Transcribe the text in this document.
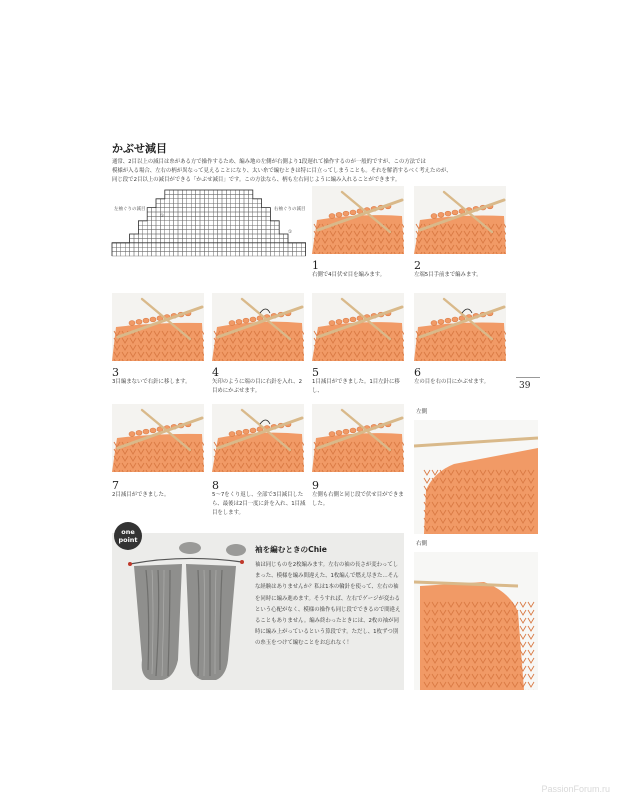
かぶせ減目

通常、2目以上の減目は糸がある方で操作するため、編み地の左側が右側より1段遅れて操作するのが一般的ですが、この方法では

模様が入る場合、左右の柄が異なって見えることになり、太い糸で編むときは特に目立ってしまうことも。それを解消するべく考えたのが、

同じ段で2目以上の減目ができる「かぶせ減目」です。この方法なら、柄も左右同じように編み入れることができます。

左袖ぐりの減目	右袖ぐりの減目
①
①
1
右側で4目伏せ目を編みます。
2
左端5目手前まで編みます。
3
3目編まないで右針に移します。
4
矢印のように端の目に右針を入れ、2目めにかぶせます。
5
1目減目ができました。1目左針に移し、
6
左の目を右の目にかぶせます。
7
2目減目ができました。
8
5～7をくり返し、全部で3目減目したら、最後は2目一度に針を入れ、1目減目をします。
9
左側も右側と同じ段で伏せ目ができました。
39
左側
右側
one
point
袖を編むときのChie
袖は同じものを2枚編みます。左右の袖の長さが変わってしまった、模様を編み間違えた、1枚編んで燃え尽きた…そんな経験はありませんか？私は1本の輪針を使って、左右の袖を同時に編み進めます。そうすれば、左右でゲージが変わるという心配がなく、模様の操作も同じ段でできるので間違えることもありません。編み終わったときには、2枚の袖が同時に編み上がっているという算段です。ただし、1枚ずつ別の糸玉をつけて編むことをお忘れなく！
PassionForum.ru
